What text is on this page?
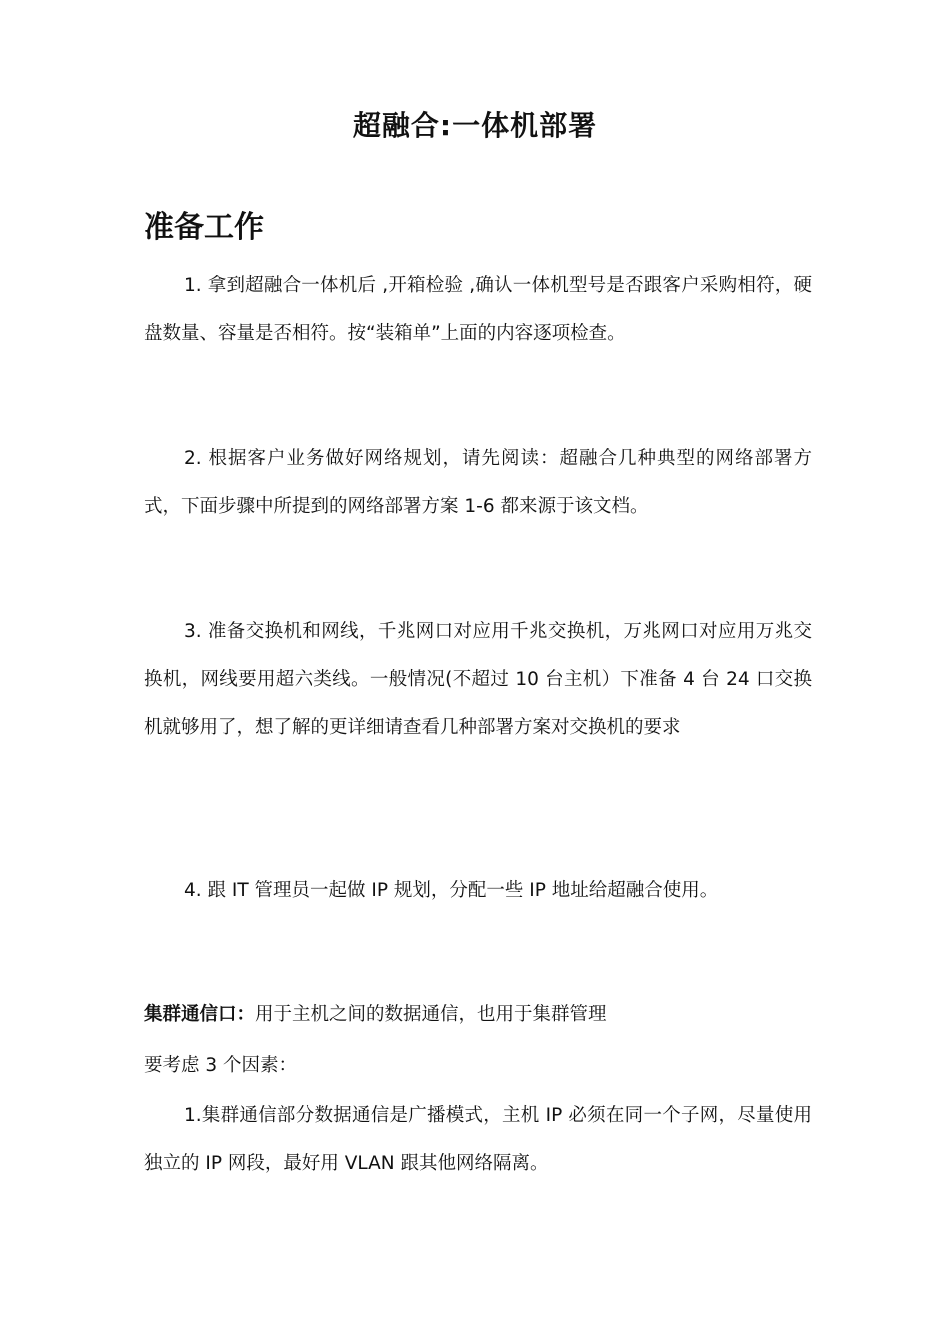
超融合:一体机部署
准备工作

1. 拿到超融合一体机后 ,开箱检验 ,确认一体机型号是否跟客户采购相符，硬盘数量、容量是否相符。按“装箱单”上面的内容逐项检查。

2. 根据客户业务做好网络规划，请先阅读：超融合几种典型的网络部署方式，下面步骤中所提到的网络部署方案 1-6 都来源于该文档。

3. 准备交换机和网线，千兆网口对应用千兆交换机，万兆网口对应用万兆交换机，网线要用超六类线。一般情况(不超过 10 台主机）下准备 4 台 24 口交换机就够用了，想了解的更详细请查看几种部署方案对交换机的要求

4. 跟 IT 管理员一起做 IP 规划，分配一些 IP 地址给超融合使用。

集群通信口：用于主机之间的数据通信，也用于集群管理

要考虑 3 个因素：

1.集群通信部分数据通信是广播模式，主机 IP 必须在同一个子网，尽量使用独立的 IP 网段，最好用 VLAN 跟其他网络隔离。
